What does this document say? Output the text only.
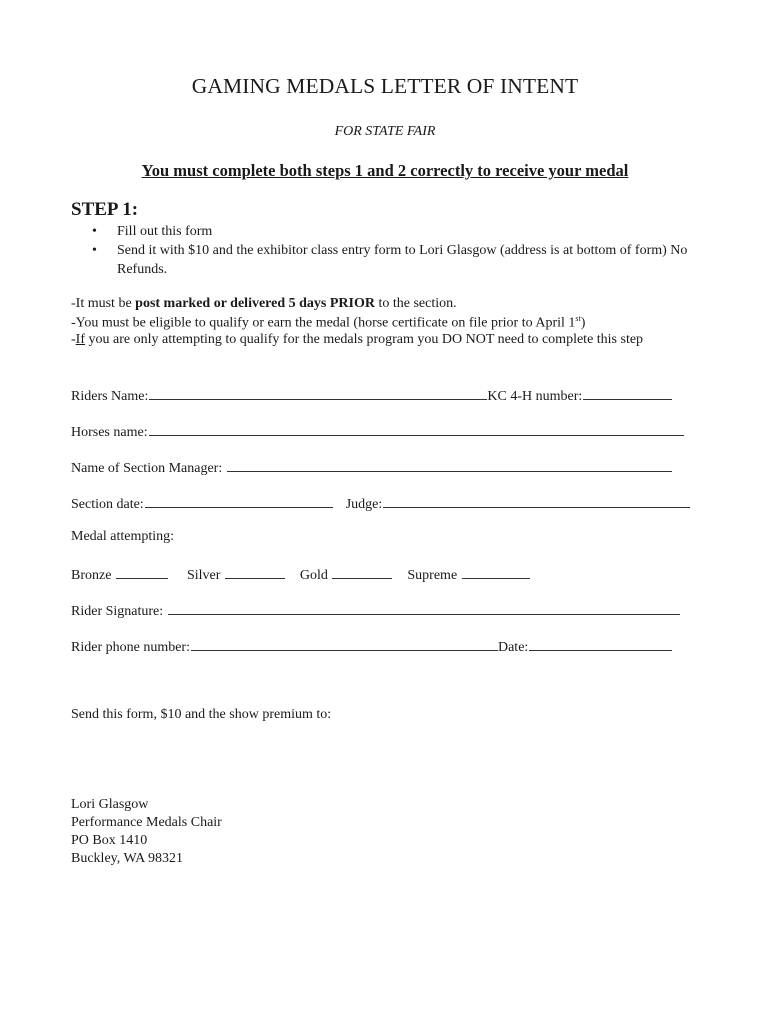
GAMING MEDALS LETTER OF INTENT
FOR STATE FAIR
You must complete both steps 1 and 2 correctly to receive your medal
STEP 1:
•	Fill out this form
•	Send it with $10 and the exhibitor class entry form to Lori Glasgow (address is at bottom of form) No Refunds.
-It must be post marked or delivered 5 days PRIOR to the section.
-You must be eligible to qualify or earn the medal (horse certificate on file prior to April 1st)
-If you are only attempting to qualify for the medals program you DO NOT need to complete this step
Riders Name:	KC 4-H number:
Horses name:
Name of Section Manager:
Section date:	Judge:
Medal attempting:
Bronze	Silver	Gold	Supreme
Rider Signature:
Rider phone number:	Date:
Send this form, $10 and the show premium to:
Lori Glasgow
Performance Medals Chair
PO Box 1410
Buckley, WA 98321
